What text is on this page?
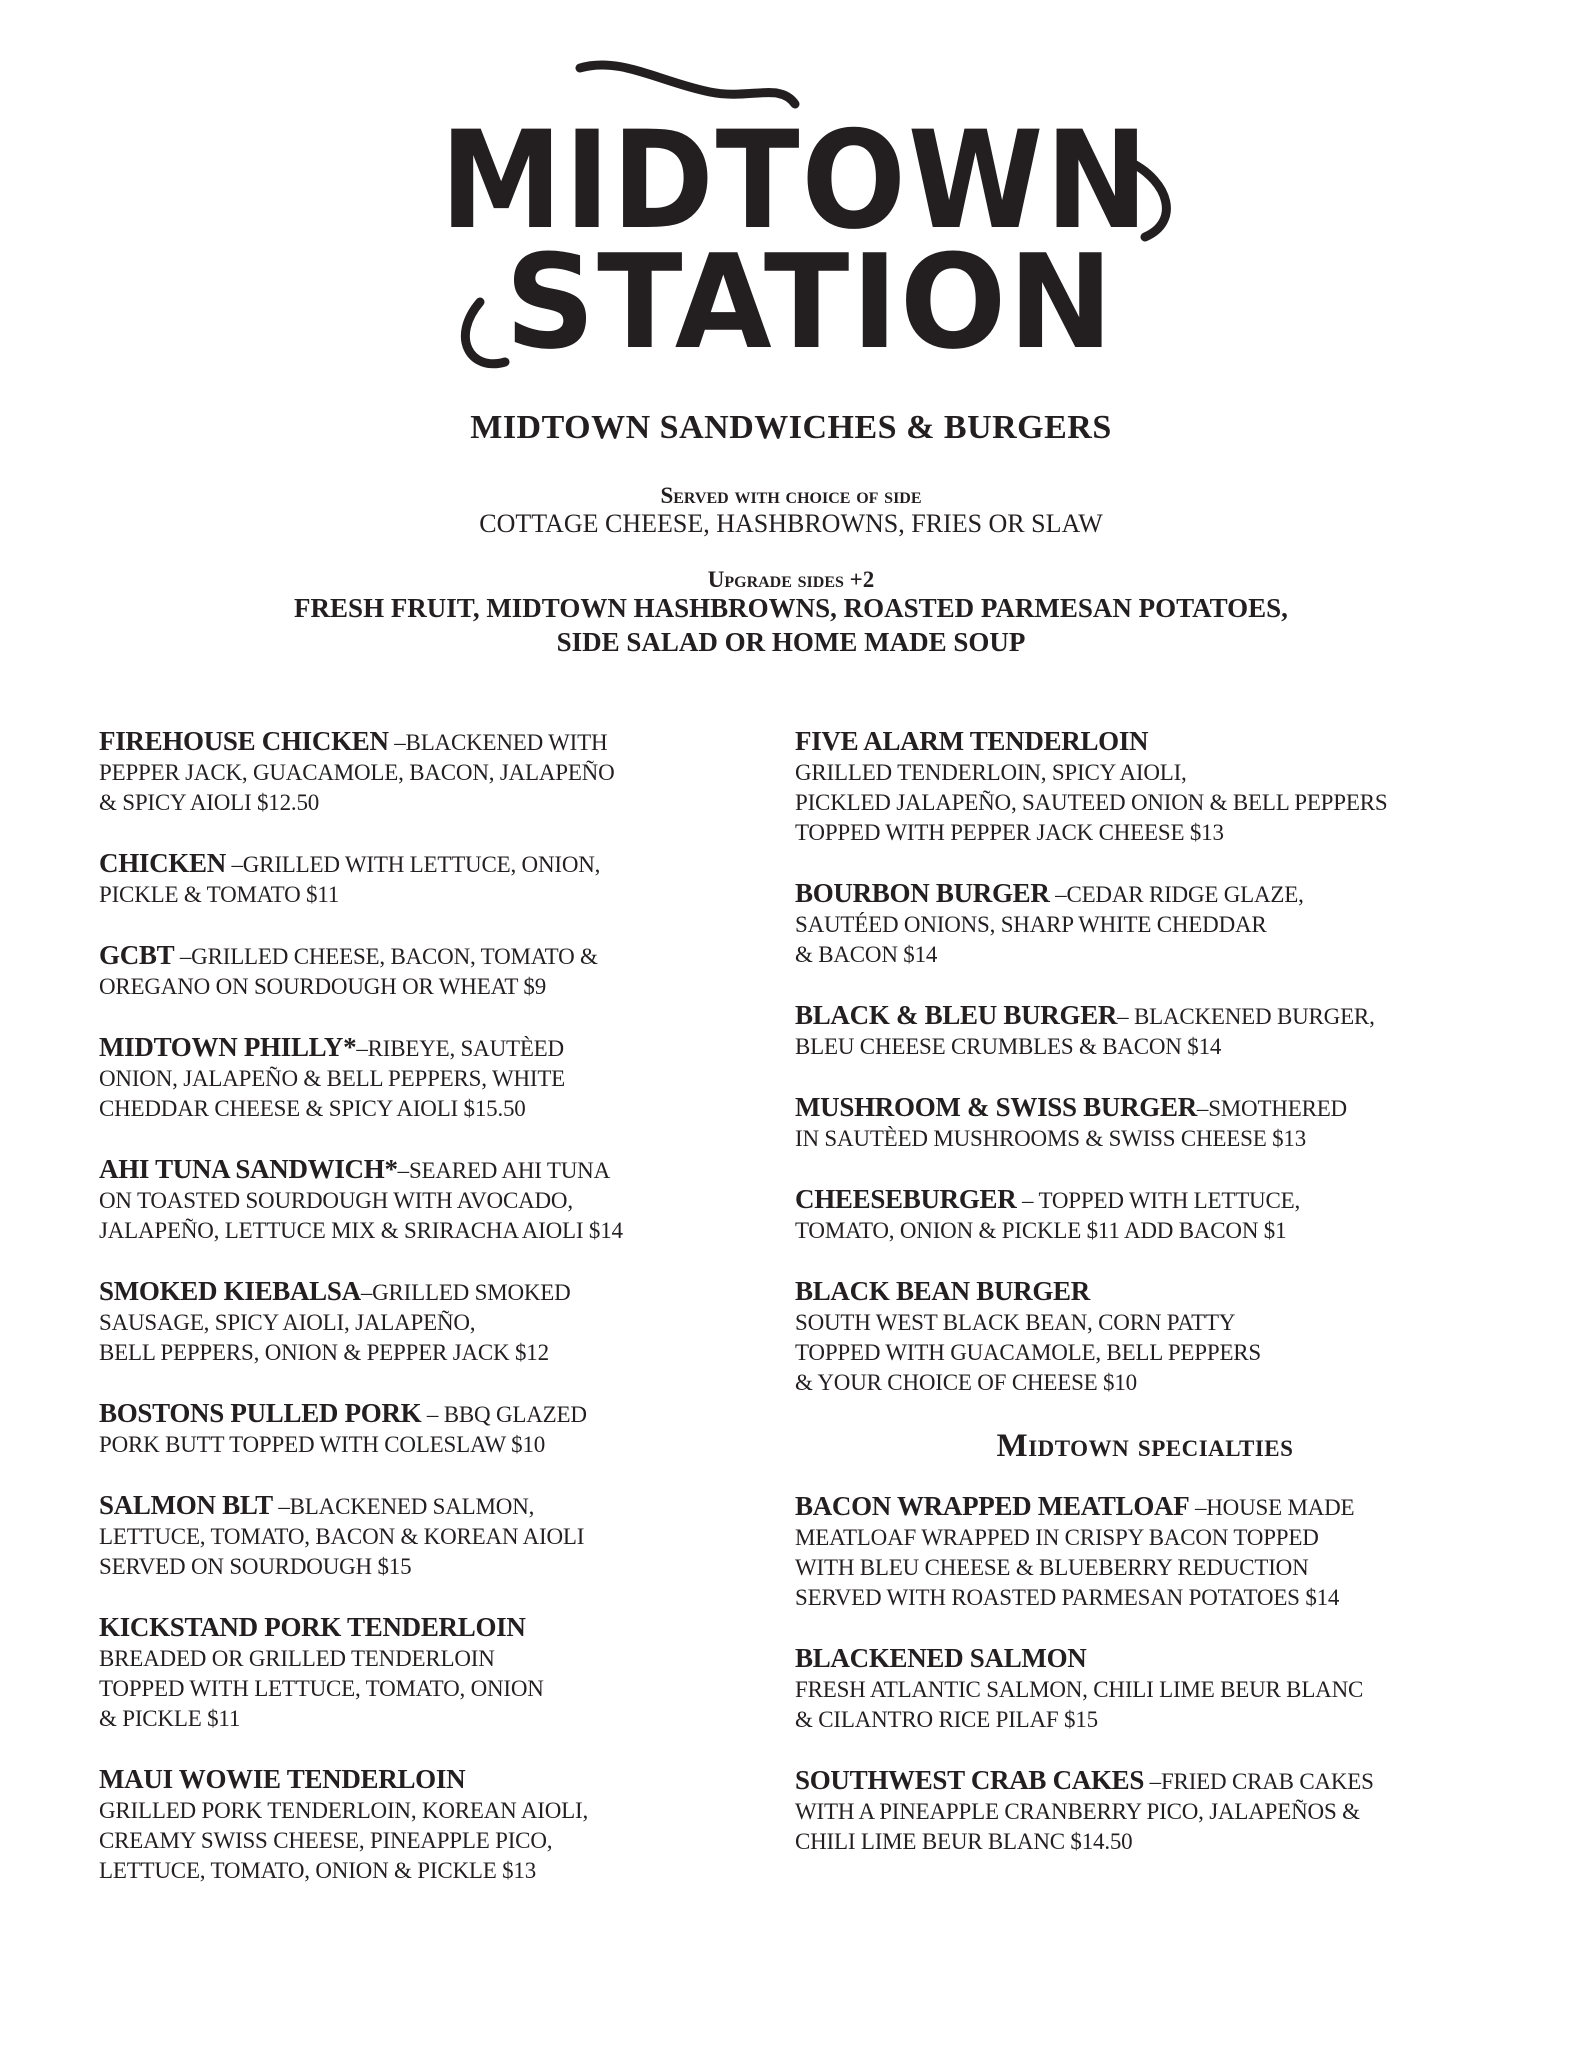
MIDTOWN
STATION
MIDTOWN SANDWICHES & BURGERS
Served with choice of side
COTTAGE CHEESE, HASHBROWNS, FRIES OR SLAW
Upgrade sides +2
FRESH FRUIT, MIDTOWN HASHBROWNS, ROASTED PARMESAN POTATOES,
SIDE SALAD OR HOME MADE SOUP
FIREHOUSE CHICKEN –BLACKENED WITH
PEPPER JACK, GUACAMOLE, BACON, JALAPEÑO
& SPICY AIOLI $12.50
CHICKEN –GRILLED WITH LETTUCE, ONION,
PICKLE & TOMATO $11
GCBT –GRILLED CHEESE, BACON, TOMATO &
OREGANO ON SOURDOUGH OR WHEAT $9
MIDTOWN PHILLY*–RIBEYE, SAUTÈED
ONION, JALAPEÑO & BELL PEPPERS, WHITE
CHEDDAR CHEESE & SPICY AIOLI $15.50
AHI TUNA SANDWICH*–SEARED AHI TUNA
ON TOASTED SOURDOUGH WITH AVOCADO,
JALAPEÑO, LETTUCE MIX & SRIRACHA AIOLI $14
SMOKED KIEBALSA–GRILLED SMOKED
SAUSAGE, SPICY AIOLI, JALAPEÑO,
BELL PEPPERS, ONION & PEPPER JACK $12
BOSTONS PULLED PORK – BBQ GLAZED
PORK BUTT TOPPED WITH COLESLAW $10
SALMON BLT –BLACKENED SALMON,
LETTUCE, TOMATO, BACON & KOREAN AIOLI
SERVED ON SOURDOUGH $15
KICKSTAND PORK TENDERLOIN
BREADED OR GRILLED TENDERLOIN
TOPPED WITH LETTUCE, TOMATO, ONION
& PICKLE $11
MAUI WOWIE TENDERLOIN
GRILLED PORK TENDERLOIN, KOREAN AIOLI,
CREAMY SWISS CHEESE, PINEAPPLE PICO,
LETTUCE, TOMATO, ONION & PICKLE $13
FIVE ALARM TENDERLOIN
GRILLED TENDERLOIN, SPICY AIOLI,
PICKLED JALAPEÑO, SAUTEED ONION & BELL PEPPERS
TOPPED WITH PEPPER JACK CHEESE $13
BOURBON BURGER –CEDAR RIDGE GLAZE,
SAUTÉED ONIONS, SHARP WHITE CHEDDAR
& BACON $14
BLACK & BLEU BURGER– BLACKENED BURGER,
BLEU CHEESE CRUMBLES & BACON $14
MUSHROOM & SWISS BURGER–SMOTHERED
IN SAUTÈED MUSHROOMS & SWISS CHEESE $13
CHEESEBURGER – TOPPED WITH LETTUCE,
TOMATO, ONION & PICKLE $11 ADD BACON $1
BLACK BEAN BURGER
SOUTH WEST BLACK BEAN, CORN PATTY
TOPPED WITH GUACAMOLE, BELL PEPPERS
& YOUR CHOICE OF CHEESE $10
Midtown specialties
BACON WRAPPED MEATLOAF –HOUSE MADE
MEATLOAF WRAPPED IN CRISPY BACON TOPPED
WITH BLEU CHEESE & BLUEBERRY REDUCTION
SERVED WITH ROASTED PARMESAN POTATOES $14
BLACKENED SALMON
FRESH ATLANTIC SALMON, CHILI LIME BEUR BLANC
& CILANTRO RICE PILAF $15
SOUTHWEST CRAB CAKES –FRIED CRAB CAKES
WITH A PINEAPPLE CRANBERRY PICO, JALAPEÑOS &
CHILI LIME BEUR BLANC $14.50
